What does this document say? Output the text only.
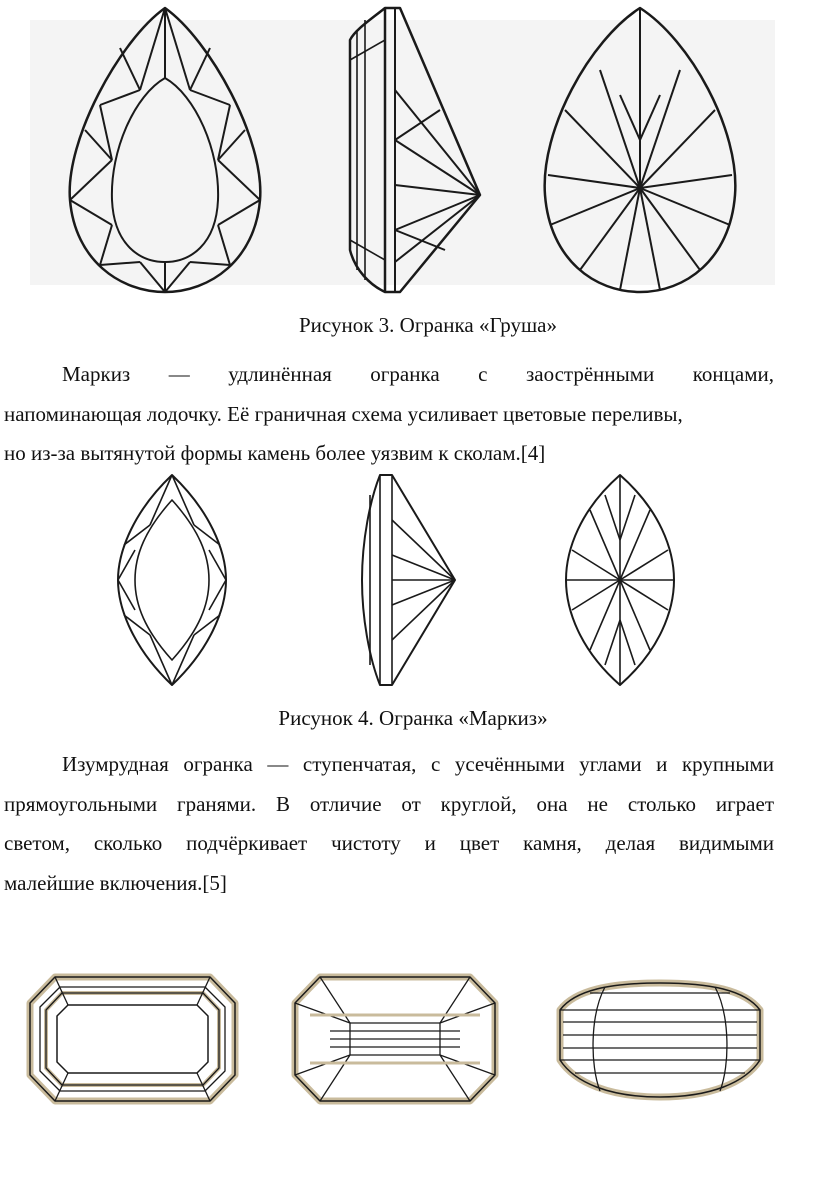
Рисунок 3. Огранка «Груша»
Маркиз — удлинённая огранка с заострёнными концами,
напоминающая лодочку. Её граничная схема усиливает цветовые переливы,
но из-за вытянутой формы камень более уязвим к сколам.[4]
Рисунок 4. Огранка «Маркиз»
Изумрудная огранка — ступенчатая, с усечёнными углами и крупными
прямоугольными гранями. В отличие от круглой, она не столько играет
светом, сколько подчёркивает чистоту и цвет камня, делая видимыми
малейшие включения.[5]
